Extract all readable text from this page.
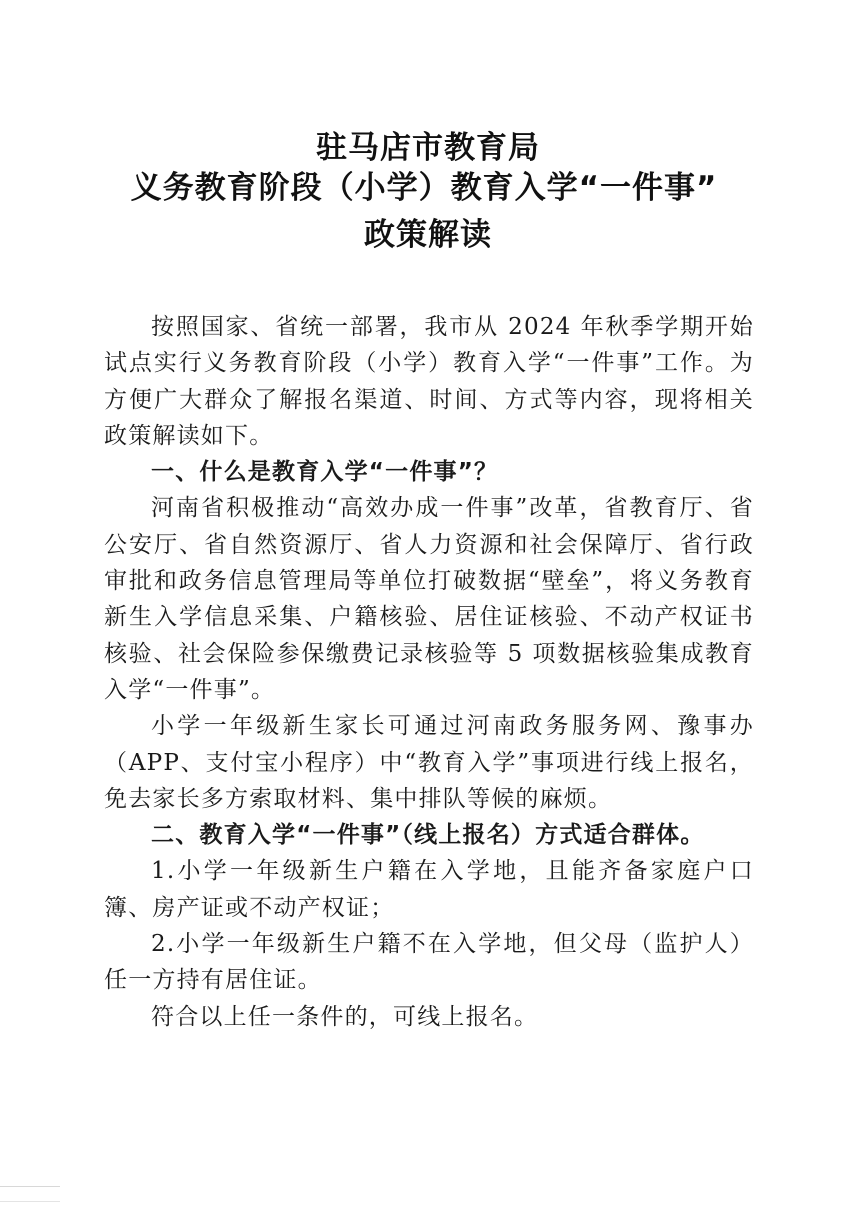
驻马店市教育局
义务教育阶段（小学）教育入学“一件事”
政策解读

按照国家、省统一部署，我市从 2024 年秋季学期开始试点实行义务教育阶段（小学）教育入学“一件事”工作。为方便广大群众了解报名渠道、时间、方式等内容，现将相关政策解读如下。

一、什么是教育入学“一件事”？

河南省积极推动“高效办成一件事”改革，省教育厅、省公安厅、省自然资源厅、省人力资源和社会保障厅、省行政审批和政务信息管理局等单位打破数据“壁垒”，将义务教育新生入学信息采集、户籍核验、居住证核验、不动产权证书核验、社会保险参保缴费记录核验等 5 项数据核验集成教育入学“一件事”。

小学一年级新生家长可通过河南政务服务网、豫事办（APP、支付宝小程序）中“教育入学”事项进行线上报名，免去家长多方索取材料、集中排队等候的麻烦。

二、教育入学“一件事”（线上报名）方式适合群体。

1.小学一年级新生户籍在入学地，且能齐备家庭户口簿、房产证或不动产权证；

2.小学一年级新生户籍不在入学地，但父母（监护人）任一方持有居住证。

符合以上任一条件的，可线上报名。
